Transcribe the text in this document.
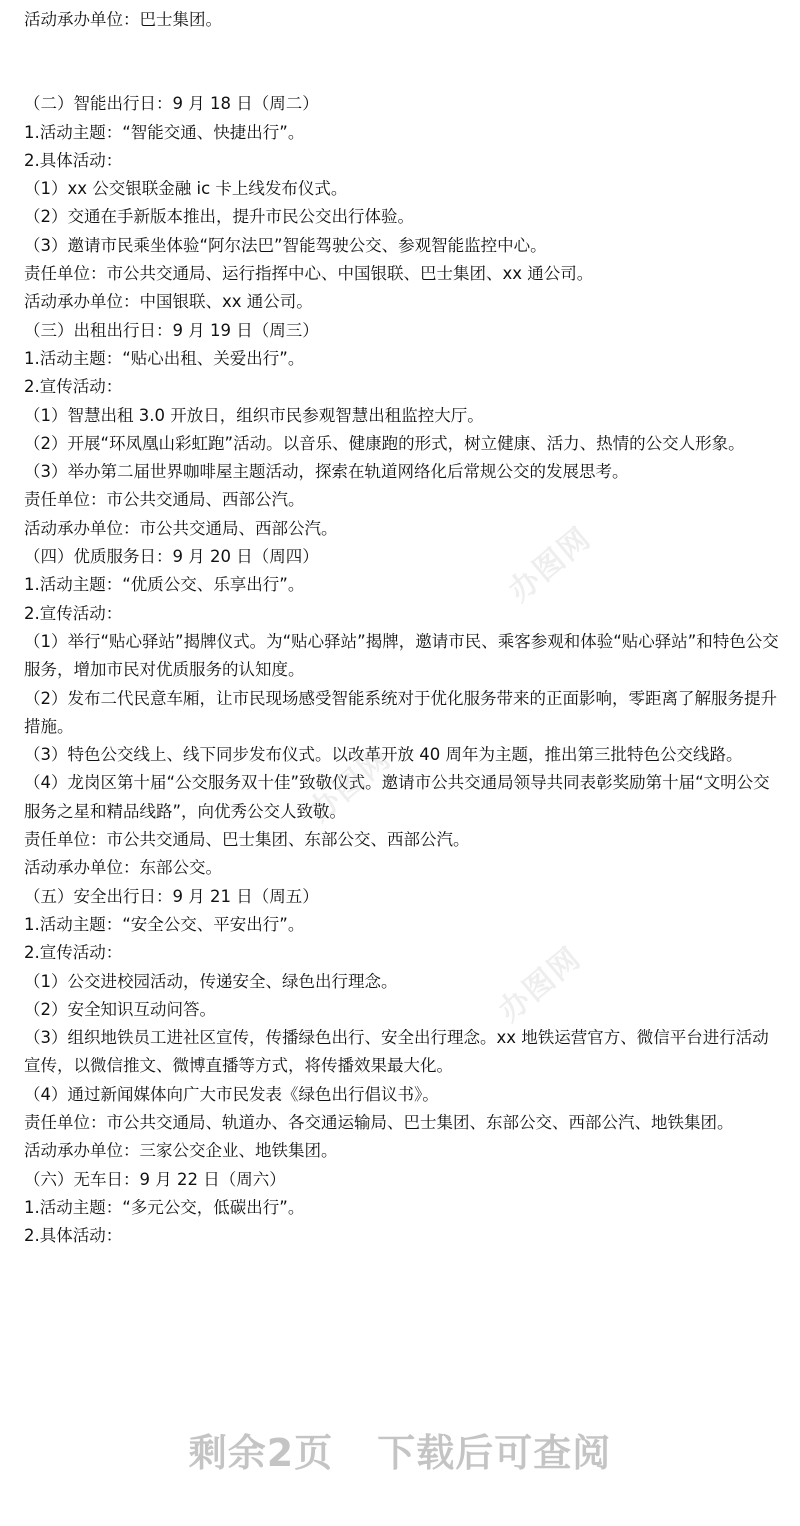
活动承办单位：巴士集团。

（二）智能出行日：9 月 18 日（周二）

1.活动主题：“智能交通、快捷出行”。

2.具体活动：

（1）xx 公交银联金融 ic 卡上线发布仪式。

（2）交通在手新版本推出，提升市民公交出行体验。

（3）邀请市民乘坐体验“阿尔法巴”智能驾驶公交、参观智能监控中心。

责任单位：市公共交通局、运行指挥中心、中国银联、巴士集团、xx 通公司。

活动承办单位：中国银联、xx 通公司。

（三）出租出行日：9 月 19 日（周三）

1.活动主题：“贴心出租、关爱出行”。

2.宣传活动：

（1）智慧出租 3.0 开放日，组织市民参观智慧出租监控大厅。

（2）开展“环凤凰山彩虹跑”活动。以音乐、健康跑的形式，树立健康、活力、热情的公交人形象。

（3）举办第二届世界咖啡屋主题活动，探索在轨道网络化后常规公交的发展思考。

责任单位：市公共交通局、西部公汽。

活动承办单位：市公共交通局、西部公汽。

（四）优质服务日：9 月 20 日（周四）

1.活动主题：“优质公交、乐享出行”。

2.宣传活动：

（1）举行“贴心驿站”揭牌仪式。为“贴心驿站”揭牌，邀请市民、乘客参观和体验“贴心驿站”和特色公交服务，增加市民对优质服务的认知度。

（2）发布二代民意车厢，让市民现场感受智能系统对于优化服务带来的正面影响，零距离了解服务提升措施。

（3）特色公交线上、线下同步发布仪式。以改革开放 40 周年为主题，推出第三批特色公交线路。

（4）龙岗区第十届“公交服务双十佳”致敬仪式。邀请市公共交通局领导共同表彰奖励第十届“文明公交服务之星和精品线路”，向优秀公交人致敬。

责任单位：市公共交通局、巴士集团、东部公交、西部公汽。

活动承办单位：东部公交。

（五）安全出行日：9 月 21 日（周五）

1.活动主题：“安全公交、平安出行”。

2.宣传活动：

（1）公交进校园活动，传递安全、绿色出行理念。

（2）安全知识互动问答。

（3）组织地铁员工进社区宣传，传播绿色出行、安全出行理念。xx 地铁运营官方、微信平台进行活动宣传，以微信推文、微博直播等方式，将传播效果最大化。

（4）通过新闻媒体向广大市民发表《绿色出行倡议书》。

责任单位：市公共交通局、轨道办、各交通运输局、巴士集团、东部公交、西部公汽、地铁集团。

活动承办单位：三家公交企业、地铁集团。

（六）无车日：9 月 22 日（周六）

1.活动主题：“多元公交，低碳出行”。

2.具体活动：

办图网
办图网
办图网
剩余2页 下载后可查阅
